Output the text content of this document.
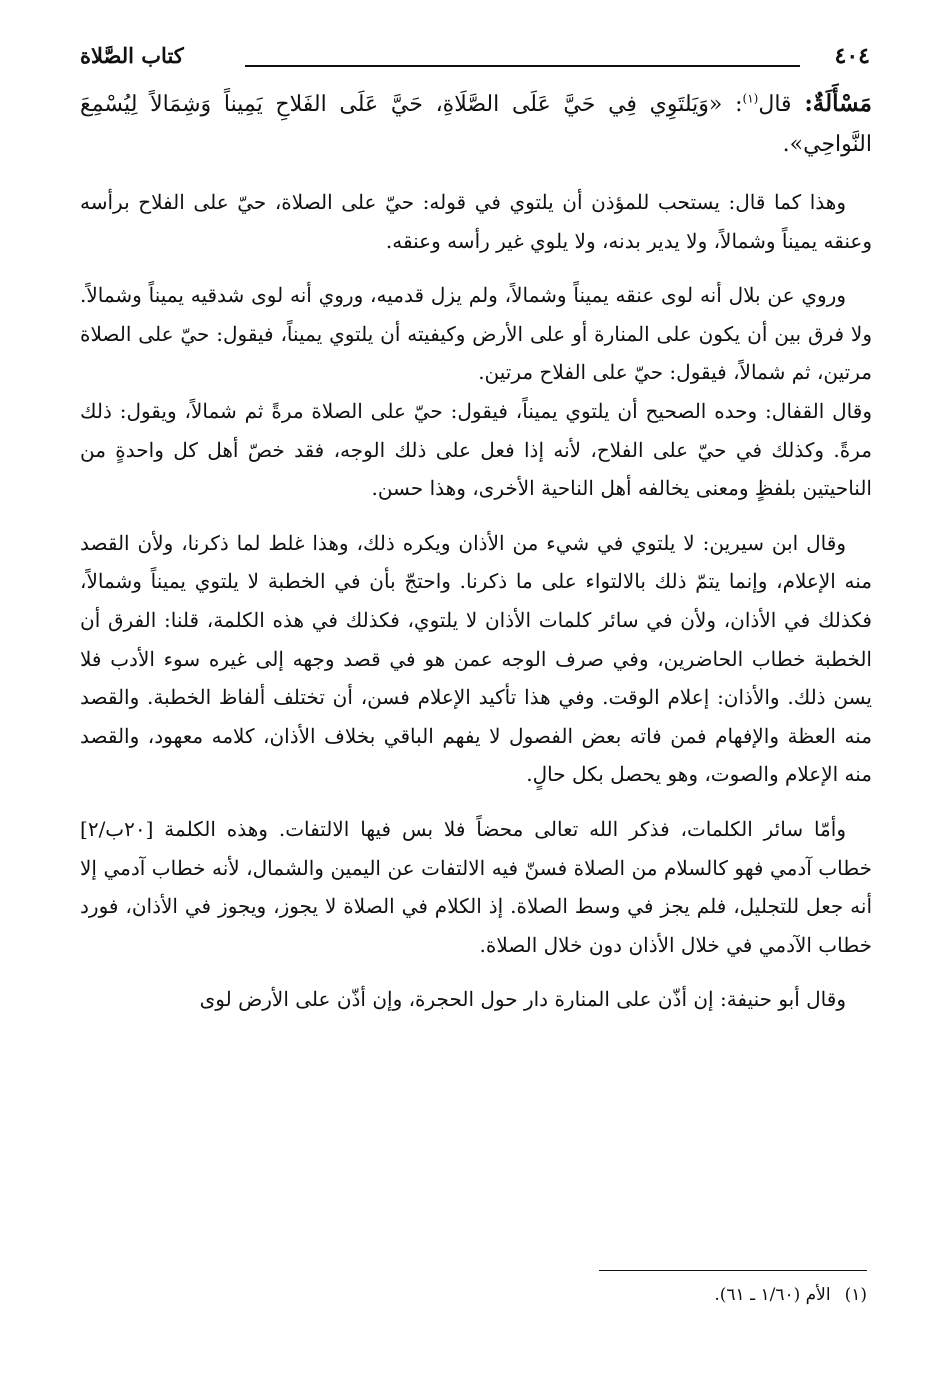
٤٠٤
كتاب الصَّلاة

مَسْأَلَةٌ: قال$^{(١)}$: «وَيَلتَوِي فِي حَيَّ عَلَى الصَّلَاةِ، حَيَّ عَلَى الفَلاحِ يَمِيناً وَشِمَالاً لِيُسْمِعَ النَّواحِي».

وهذا كما قال: يستحب للمؤذن أن يلتوي في قوله: حيّ على الصلاة، حيّ على الفلاح برأسه وعنقه يميناً وشمالاً، ولا يدير بدنه، ولا يلوي غير رأسه وعنقه.

وروي عن بلال أنه لوى عنقه يميناً وشمالاً، ولم يزل قدميه، وروي أنه لوى شدقيه يميناً وشمالاً. ولا فرق بين أن يكون على المنارة أو على الأرض وكيفيته أن يلتوي يميناً، فيقول: حيّ على الصلاة مرتين، ثم شمالاً، فيقول: حيّ على الفلاح مرتين.

وقال القفال: وحده الصحيح أن يلتوي يميناً، فيقول: حيّ على الصلاة مرةً ثم شمالاً، ويقول: ذلك مرةً. وكذلك في حيّ على الفلاح، لأنه إذا فعل على ذلك الوجه، فقد خصّ أهل كل واحدةٍ من الناحيتين بلفظٍ ومعنى يخالفه أهل الناحية الأخرى، وهذا حسن.

وقال ابن سيرين: لا يلتوي في شيء من الأذان ويكره ذلك، وهذا غلط لما ذكرنا، ولأن القصد منه الإعلام، وإنما يتمّ ذلك بالالتواء على ما ذكرنا. واحتجّ بأن في الخطبة لا يلتوي يميناً وشمالاً، فكذلك في الأذان، ولأن في سائر كلمات الأذان لا يلتوي، فكذلك في هذه الكلمة، قلنا: الفرق أن الخطبة خطاب الحاضرين، وفي صرف الوجه عمن هو في قصد وجهه إلى غيره سوء الأدب فلا يسن ذلك. والأذان: إعلام الوقت. وفي هذا تأكيد الإعلام فسن، أن تختلف ألفاظ الخطبة. والقصد منه العظة والإفهام فمن فاته بعض الفصول لا يفهم الباقي بخلاف الأذان، كلامه معهود، والقصد منه الإعلام والصوت، وهو يحصل بكل حالٍ.

وأمّا سائر الكلمات، فذكر الله تعالى محضاً فلا بس فيها الالتفات. وهذه الكلمة [٢٠ب/٢] خطاب آدمي فهو كالسلام من الصلاة فسنّ فيه الالتفات عن اليمين والشمال، لأنه خطاب آدمي إلا أنه جعل للتجليل، فلم يجز في وسط الصلاة. إذ الكلام في الصلاة لا يجوز، ويجوز في الأذان، فورد خطاب الآدمي في خلال الأذان دون خلال الصلاة.

وقال أبو حنيفة: إن أذّن على المنارة دار حول الحجرة، وإن أذّن على الأرض لوى

(١)الأم (١/٦٠ ـ ٦١).
